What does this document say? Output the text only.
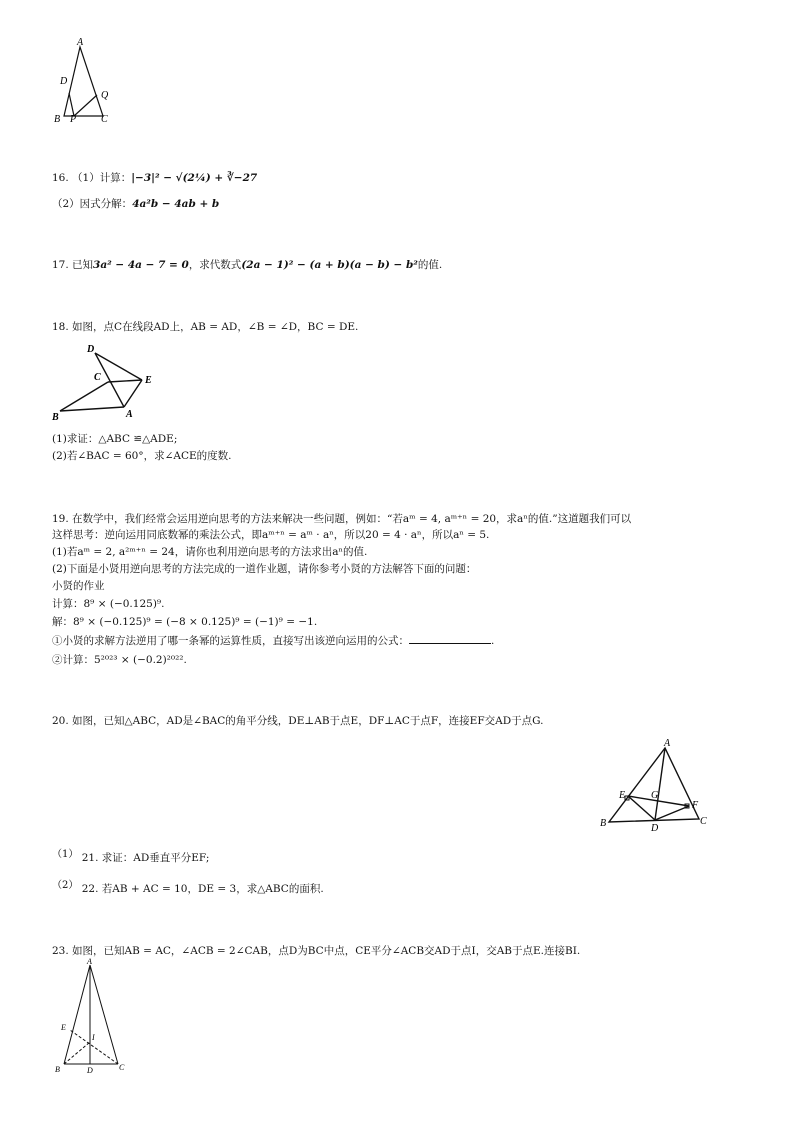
A
D
Q
B P C
16. （1）计算：|−3|² − √(2¼) + ∛−27
（2）因式分解：4a²b − 4ab + b
17. 已知3a² − 4a − 7 = 0，求代数式(2a − 1)² − (a + b)(a − b) − b²的值.
18. 如图，点C在线段AD上，AB = AD，∠B = ∠D，BC = DE.
D
C	E
B	A
(1)求证：△ABC ≌△ADE;
(2)若∠BAC = 60°，求∠ACE的度数.
19. 在数学中，我们经常会运用逆向思考的方法来解决一些问题，例如：“若aᵐ = 4, aᵐ⁺ⁿ = 20，求aⁿ的值.”这道题我们可以
这样思考：逆向运用同底数幂的乘法公式，即aᵐ⁺ⁿ = aᵐ · aⁿ，所以20 = 4 · aⁿ，所以aⁿ = 5.
(1)若aᵐ = 2, a²ᵐ⁺ⁿ = 24，请你也利用逆向思考的方法求出aⁿ的值.
(2)下面是小贤用逆向思考的方法完成的一道作业题，请你参考小贤的方法解答下面的问题：
小贤的作业
计算：8⁹ × (−0.125)⁹.
解：8⁹ × (−0.125)⁹ = (−8 × 0.125)⁹ = (−1)⁹ = −1.
①小贤的求解方法逆用了哪一条幂的运算性质，直接写出该逆向运用的公式：	.
②计算：5²⁰²³ × (−0.2)²⁰²².
20. 如图，已知△ABC，AD是∠BAC的角平分线，DE⊥AB于点E，DF⊥AC于点F，连接EF交AD于点G.
A
E	G
F
B	D
C
（1） 21. 求证：AD垂直平分EF;
（2） 22. 若AB + AC = 10，DE = 3，求△ABC的面积.
23. 如图，已知AB = AC，∠ACB = 2∠CAB，点D为BC中点，CE平分∠ACB交AD于点I，交AB于点E.连接BI.
A
E
I
B	D	C
